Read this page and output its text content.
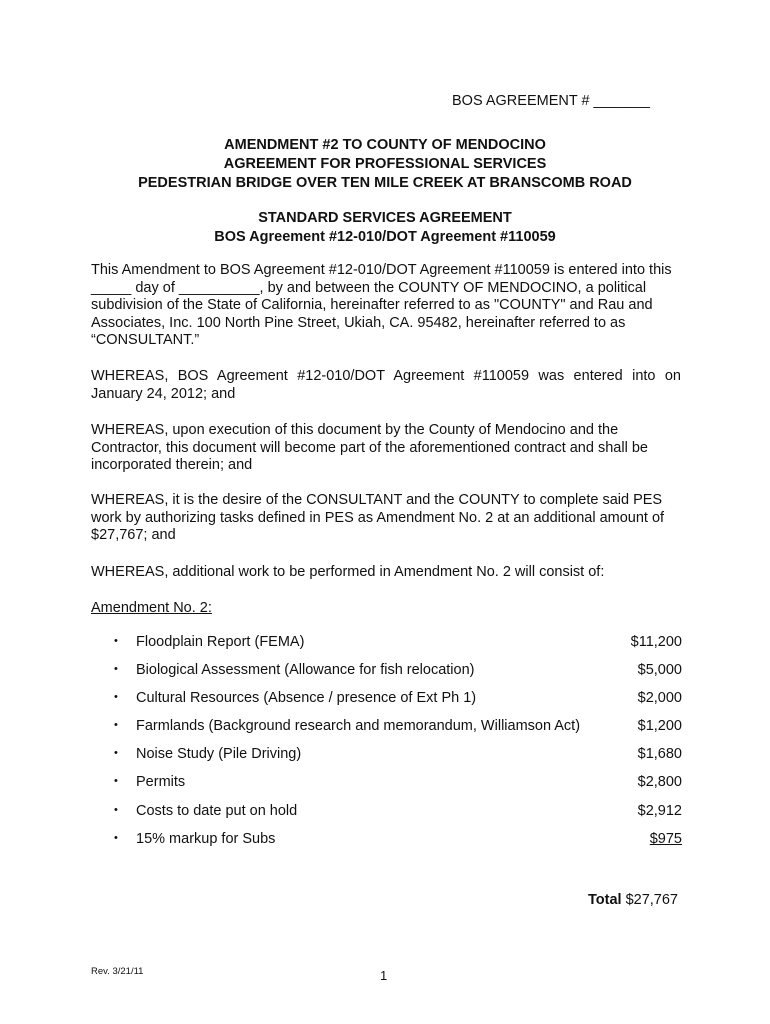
BOS AGREEMENT # _______
AMENDMENT #2 TO COUNTY OF MENDOCINO
AGREEMENT FOR PROFESSIONAL SERVICES
PEDESTRIAN BRIDGE OVER TEN MILE CREEK AT BRANSCOMB ROAD
STANDARD SERVICES AGREEMENT
BOS Agreement #12-010/DOT Agreement #110059
This Amendment to BOS Agreement #12-010/DOT Agreement #110059 is entered into this _____ day of __________, by and between the COUNTY OF MENDOCINO, a political subdivision of the State of California, hereinafter referred to as "COUNTY" and Rau and Associates, Inc. 100 North Pine Street, Ukiah, CA. 95482, hereinafter referred to as “CONSULTANT.”
WHEREAS, BOS Agreement #12-010/DOT Agreement #110059 was entered into on January 24, 2012; and
WHEREAS, upon execution of this document by the County of Mendocino and the Contractor, this document will become part of the aforementioned contract and shall be incorporated therein; and
WHEREAS, it is the desire of the CONSULTANT and the COUNTY to complete said PES work by authorizing tasks defined in PES as Amendment No. 2 at an additional amount of $27,767; and
WHEREAS, additional work to be performed in Amendment No. 2 will consist of:
Amendment No. 2:
• Floodplain Report (FEMA)	$11,200
• Biological Assessment (Allowance for fish relocation)	$5,000
• Cultural Resources (Absence / presence of Ext Ph 1)	$2,000
• Farmlands (Background research and memorandum, Williamson Act)	$1,200
• Noise Study (Pile Driving)	$1,680
• Permits	$2,800
• Costs to date put on hold	$2,912
• 15% markup for Subs	$975
Total $27,767
Rev. 3/21/11	1
